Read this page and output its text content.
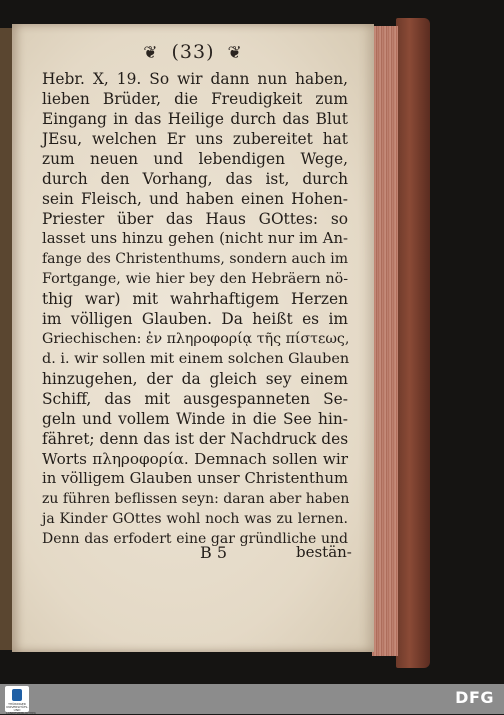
❦ (33) ❦
Hebr. X, 19. So wir dann nun haben,
lieben Brüder, die Freudigkeit zum
Eingang in das Heilige durch das Blut
JEsu, welchen Er uns zubereitet hat
zum neuen und lebendigen Wege,
durch den Vorhang, das ist, durch
sein Fleisch, und haben einen Hohen-
Priester über das Haus GOttes: so
lasset uns hinzu gehen (nicht nur im An-
fange des Christenthums, sondern auch im
Fortgange, wie hier bey den Hebräern nö-
thig war) mit wahrhaftigem Herzen
im völligen Glauben. Da heißt es im
Griechischen: ἐν πληροφορίᾳ τῆς πίστεως,
d. i. wir sollen mit einem solchen Glauben
hinzugehen, der da gleich sey einem
Schiff, das mit ausgespanneten Se-
geln und vollem Winde in die See hin-
fähret; denn das ist der Nachdruck des
Worts πληροφορία. Demnach sollen wir
in völligem Glauben unser Christenthum
zu führen beflissen seyn: daran aber haben
ja Kinder GOttes wohl noch was zu lernen.
Denn das erfodert eine gar gründliche und
B 5	bestän-
THÜRINGER UNIVERSITÄTS- UND LANDESBIBLIOTHEK
DFG
